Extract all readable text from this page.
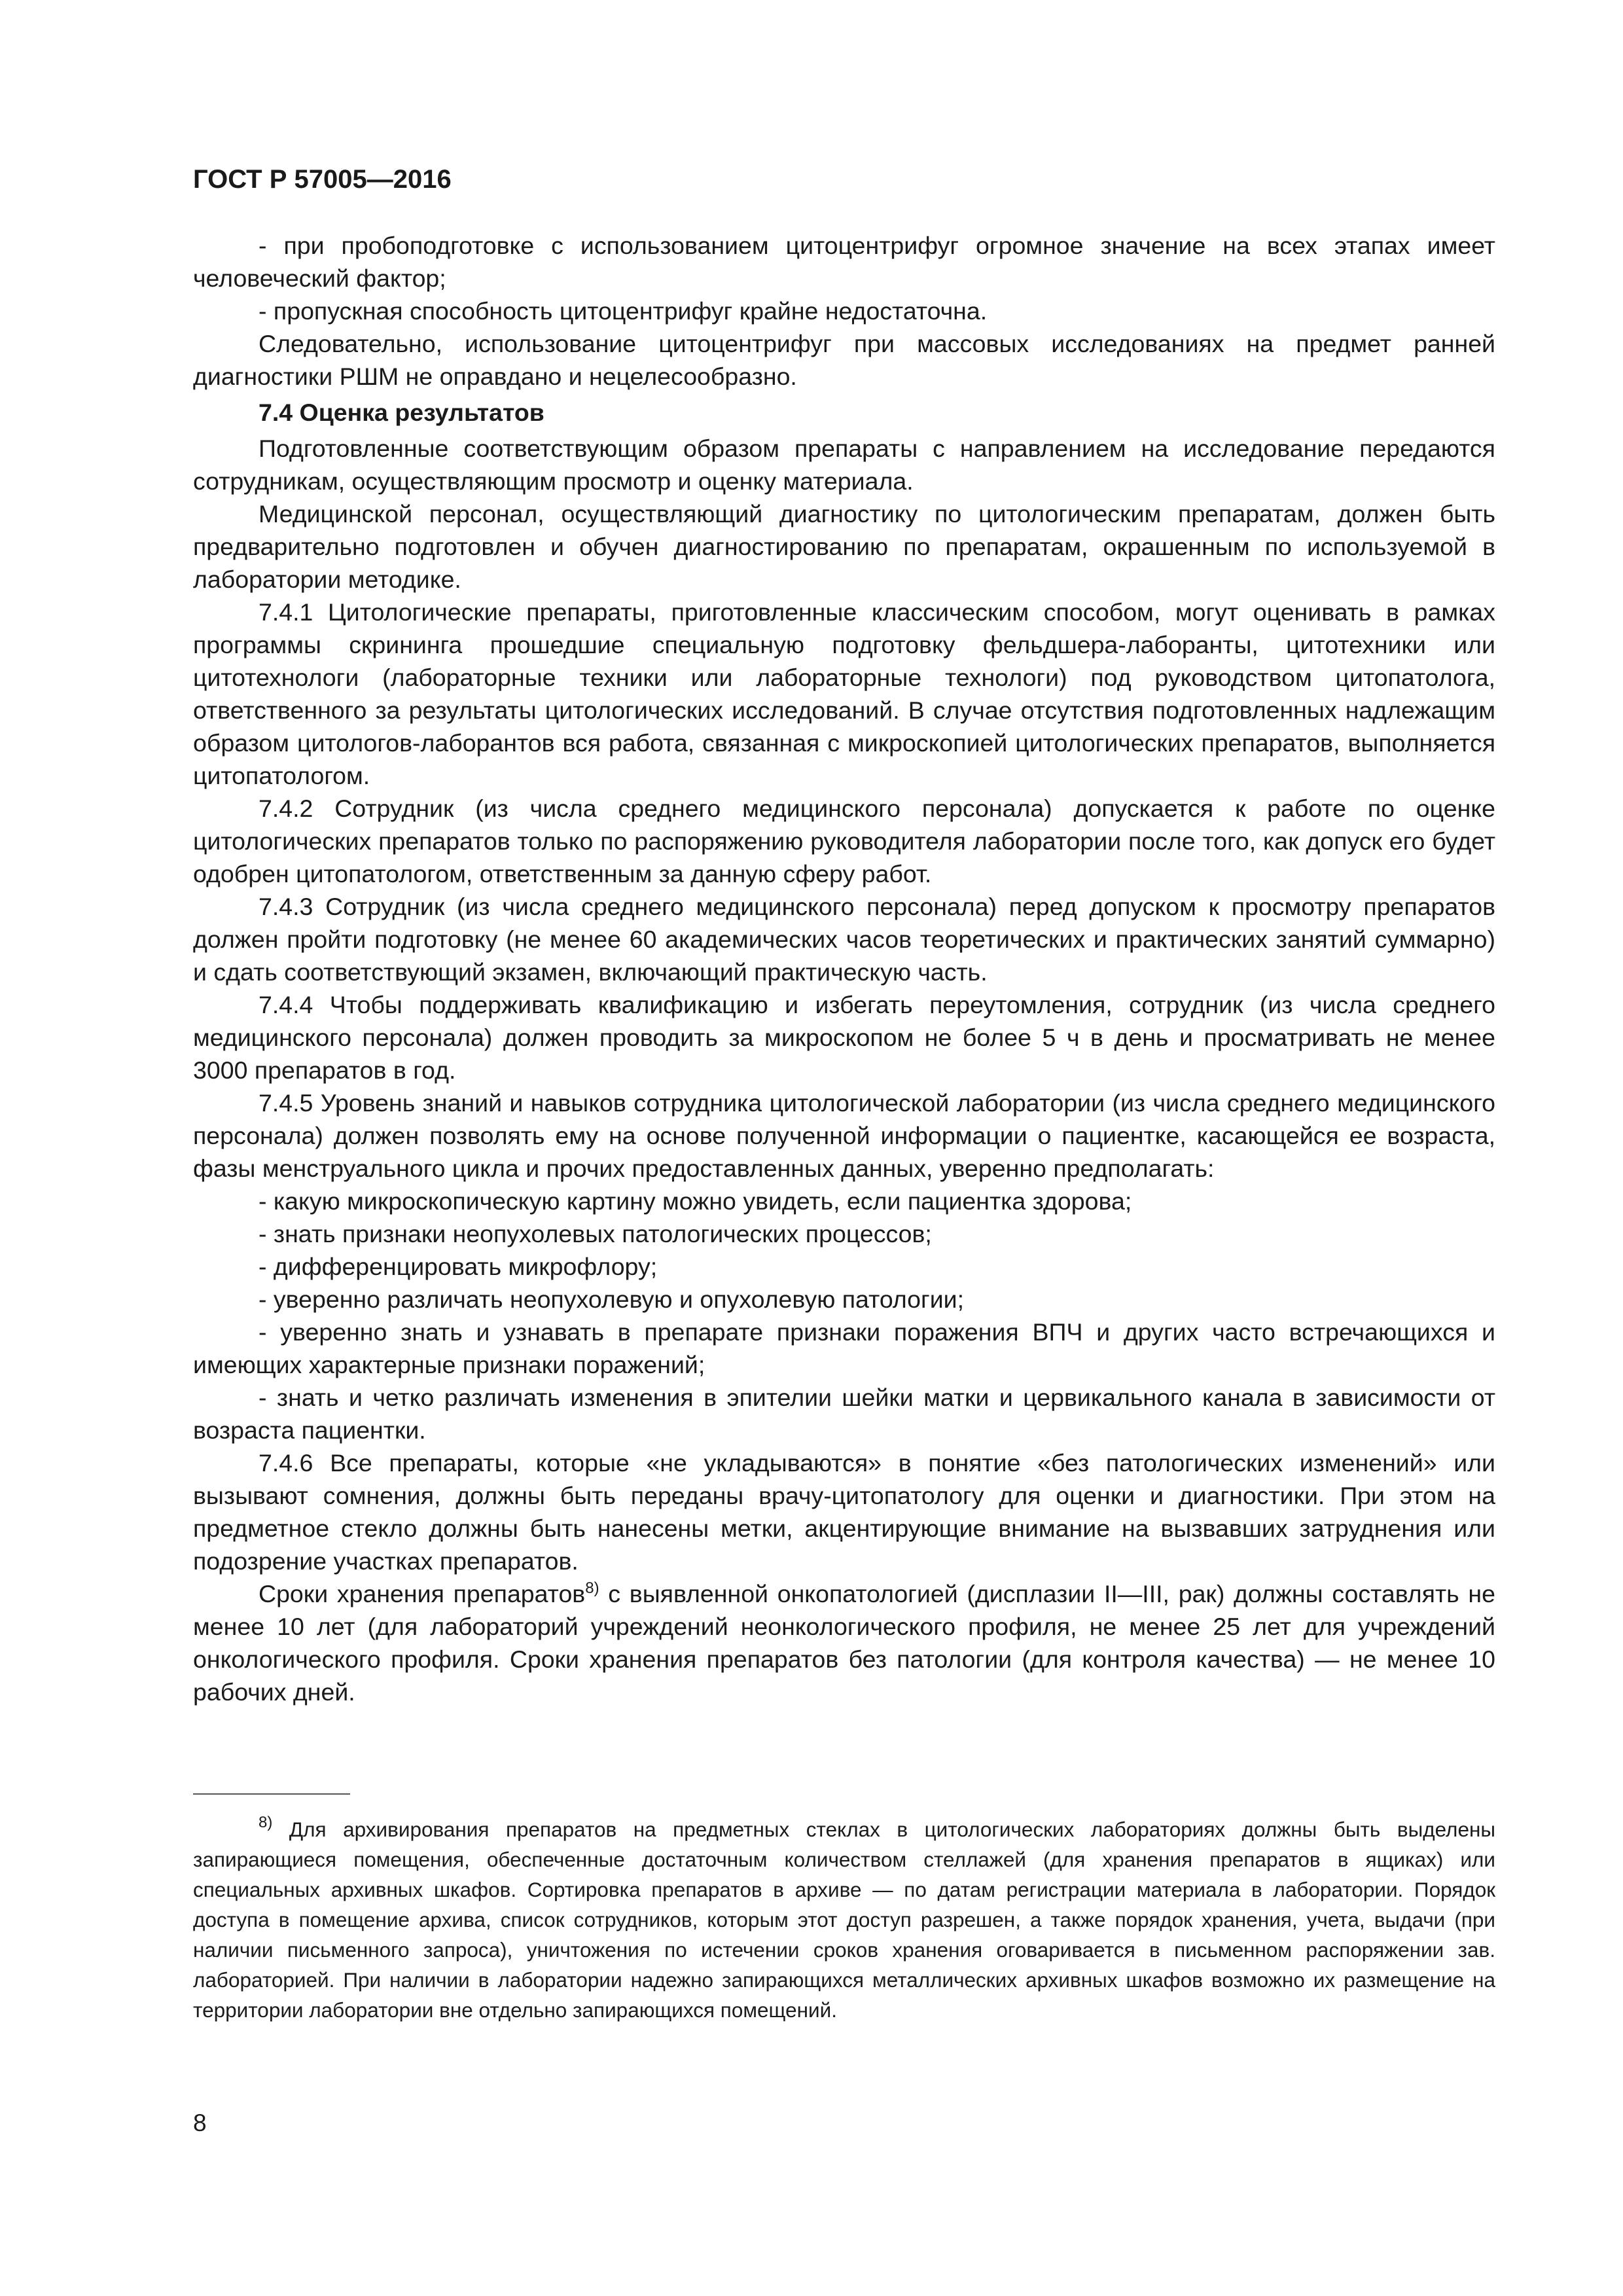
ГОСТ Р 57005—2016

- при пробоподготовке с использованием цитоцентрифуг огромное значение на всех этапах имеет человеческий фактор;

- пропускная способность цитоцентрифуг крайне недостаточна.

Следовательно, использование цитоцентрифуг при массовых исследованиях на предмет ранней диагностики РШМ не оправдано и нецелесообразно.

7.4 Оценка результатов

Подготовленные соответствующим образом препараты с направлением на исследование передаются сотрудникам, осуществляющим просмотр и оценку материала.

Медицинской персонал, осуществляющий диагностику по цитологическим препаратам, должен быть предварительно подготовлен и обучен диагностированию по препаратам, окрашенным по используемой в лаборатории методике.

7.4.1 Цитологические препараты, приготовленные классическим способом, могут оценивать в рамках программы скрининга прошедшие специальную подготовку фельдшера-лаборанты, цитотехники или цитотехнологи (лабораторные техники или лабораторные технологи) под руководством цитопатолога, ответственного за результаты цитологических исследований. В случае отсутствия подготовленных надлежащим образом цитологов-лаборантов вся работа, связанная с микроскопией цитологических препаратов, выполняется цитопатологом.

7.4.2 Сотрудник (из числа среднего медицинского персонала) допускается к работе по оценке цитологических препаратов только по распоряжению руководителя лаборатории после того, как допуск его будет одобрен цитопатологом, ответственным за данную сферу работ.

7.4.3 Сотрудник (из числа среднего медицинского персонала) перед допуском к просмотру препаратов должен пройти подготовку (не менее 60 академических часов теоретических и практических занятий суммарно) и сдать соответствующий экзамен, включающий практическую часть.

7.4.4 Чтобы поддерживать квалификацию и избегать переутомления, сотрудник (из числа среднего медицинского персонала) должен проводить за микроскопом не более 5 ч в день и просматривать не менее 3000 препаратов в год.

7.4.5 Уровень знаний и навыков сотрудника цитологической лаборатории (из числа среднего медицинского персонала) должен позволять ему на основе полученной информации о пациентке, касающейся ее возраста, фазы менструального цикла и прочих предоставленных данных, уверенно предполагать:

- какую микроскопическую картину можно увидеть, если пациентка здорова;

- знать признаки неопухолевых патологических процессов;

- дифференцировать микрофлору;

- уверенно различать неопухолевую и опухолевую патологии;

- уверенно знать и узнавать в препарате признаки поражения ВПЧ и других часто встречающихся и имеющих характерные признаки поражений;

- знать и четко различать изменения в эпителии шейки матки и цервикального канала в зависимости от возраста пациентки.

7.4.6 Все препараты, которые «не укладываются» в понятие «без патологических изменений» или вызывают сомнения, должны быть переданы врачу-цитопатологу для оценки и диагностики. При этом на предметное стекло должны быть нанесены метки, акцентирующие внимание на вызвавших затруднения или подозрение участках препаратов.

Сроки хранения препаратов$^{8)}$ с выявленной онкопатологией (дисплазии II—III, рак) должны составлять не менее 10 лет (для лабораторий учреждений неонкологического профиля, не менее 25 лет для учреждений онкологического профиля. Сроки хранения препаратов без патологии (для контроля качества) — не менее 10 рабочих дней.

$^{8)}$ Для архивирования препаратов на предметных стеклах в цитологических лабораториях должны быть выделены запирающиеся помещения, обеспеченные достаточным количеством стеллажей (для хранения препаратов в ящиках) или специальных архивных шкафов. Сортировка препаратов в архиве — по датам регистрации материала в лаборатории. Порядок доступа в помещение архива, список сотрудников, которым этот доступ разрешен, а также порядок хранения, учета, выдачи (при наличии письменного запроса), уничтожения по истечении сроков хранения оговаривается в письменном распоряжении зав. лабораторией. При наличии в лаборатории надежно запирающихся металлических архивных шкафов возможно их размещение на территории лаборатории вне отдельно запирающихся помещений.

8
